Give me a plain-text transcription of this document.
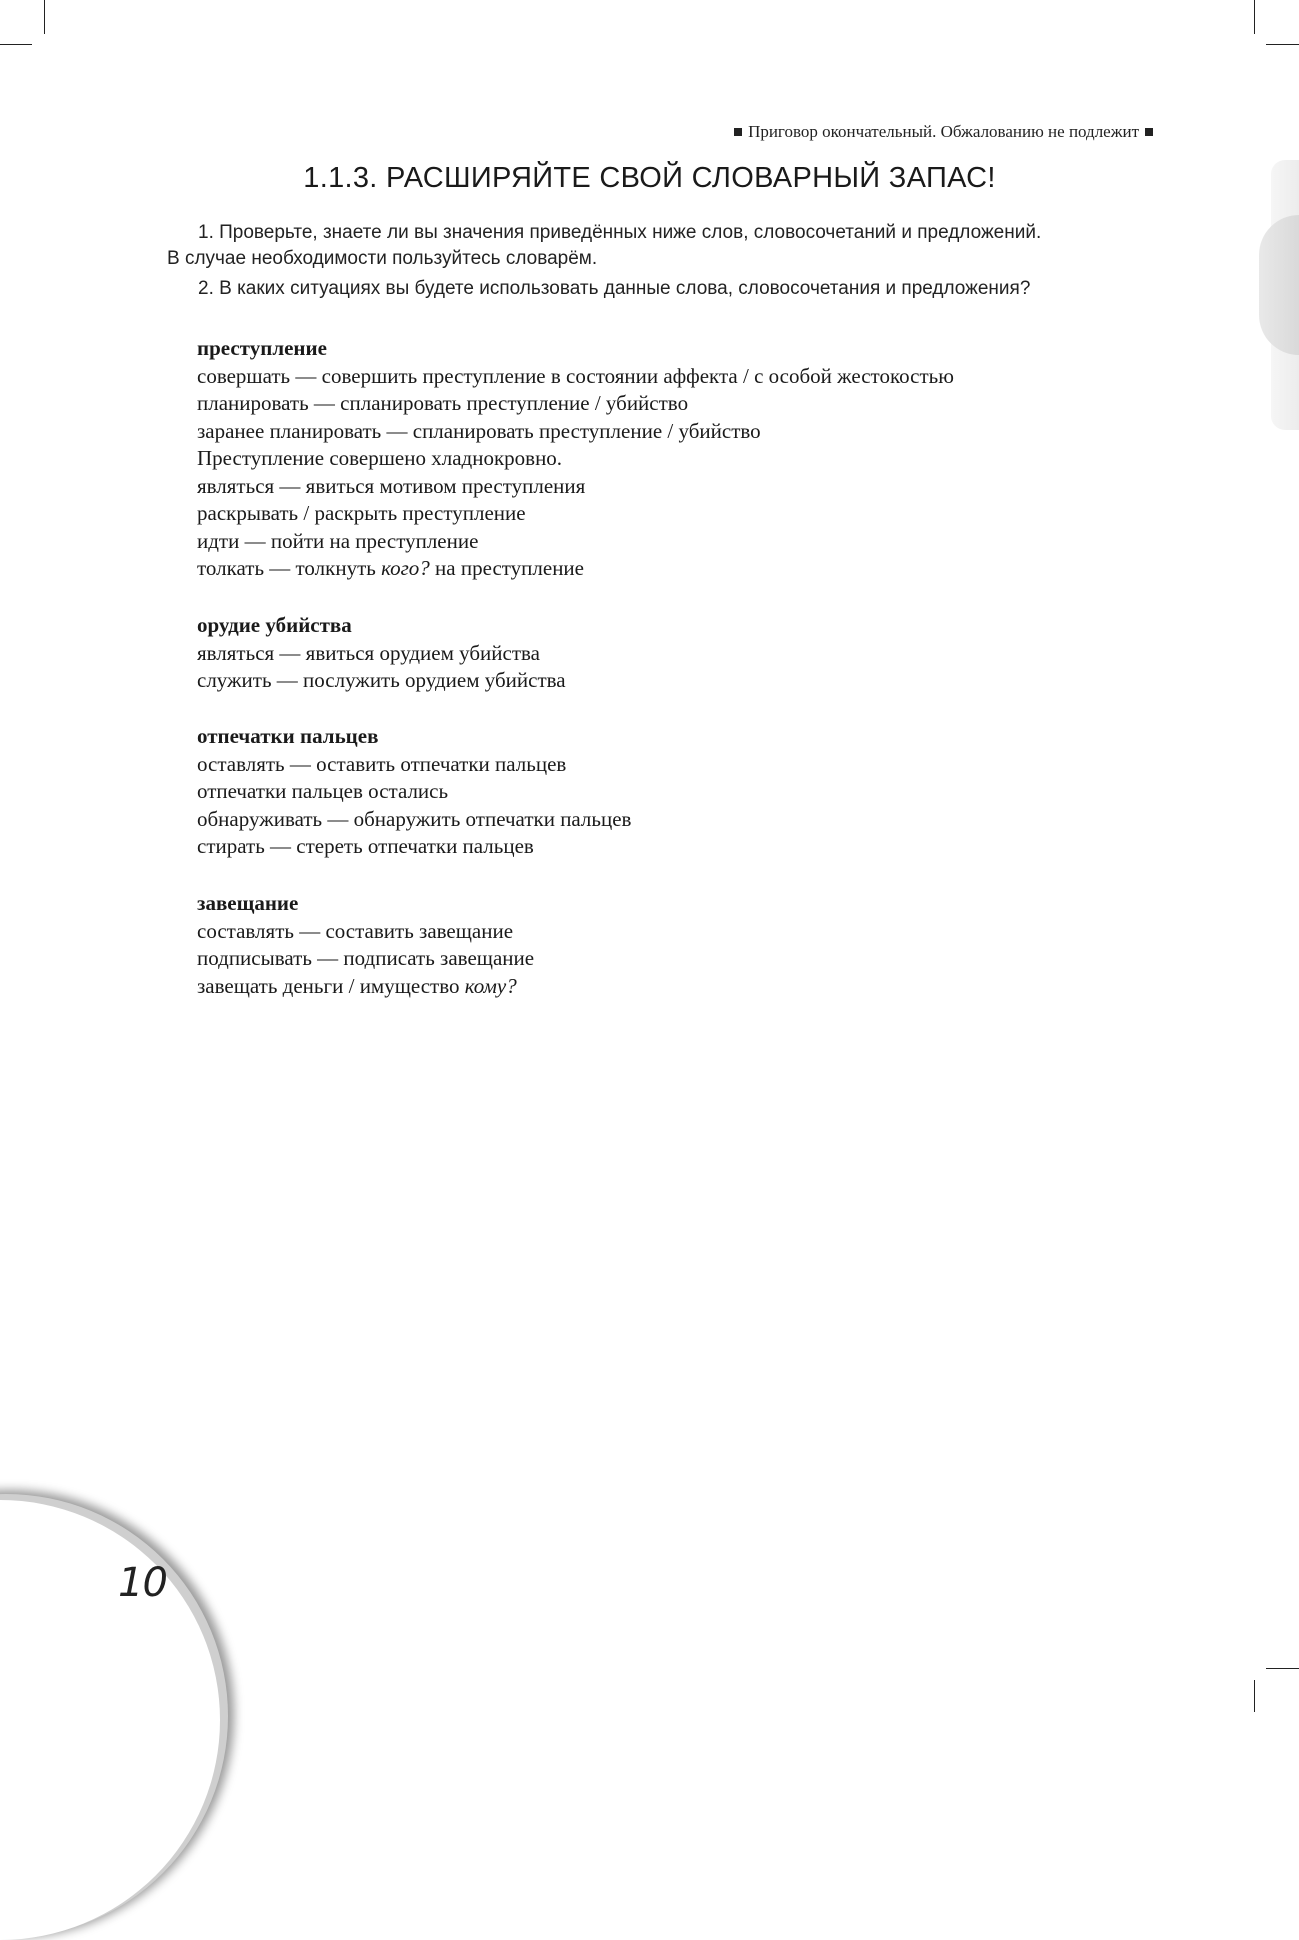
Приговор окончательный. Обжалованию не подлежит
1.1.3. РАСШИРЯЙТЕ СВОЙ СЛОВАРНЫЙ ЗАПАС!

1. Проверьте, знаете ли вы значения приведённых ниже слов, словосочетаний и предложений.

В случае необходимости пользуйтесь словарём.

2. В каких ситуациях вы будете использовать данные слова, словосочетания и предложения?

преступление
совершать — совершить преступление в состоянии аффекта / с особой жестокостью
планировать — спланировать преступление / убийство
заранее планировать — спланировать преступление / убийство
Преступление совершено хладнокровно.
являться — явиться мотивом преступления
раскрывать / раскрыть преступление
идти — пойти на преступление
толкать — толкнуть кого? на преступление
орудие убийства
являться — явиться орудием убийства
служить — послужить орудием убийства
отпечатки пальцев
оставлять — оставить отпечатки пальцев
отпечатки пальцев остались
обнаруживать — обнаружить отпечатки пальцев
стирать — стереть отпечатки пальцев
завещание
составлять — составить завещание
подписывать — подписать завещание
завещать деньги / имущество кому?
10
